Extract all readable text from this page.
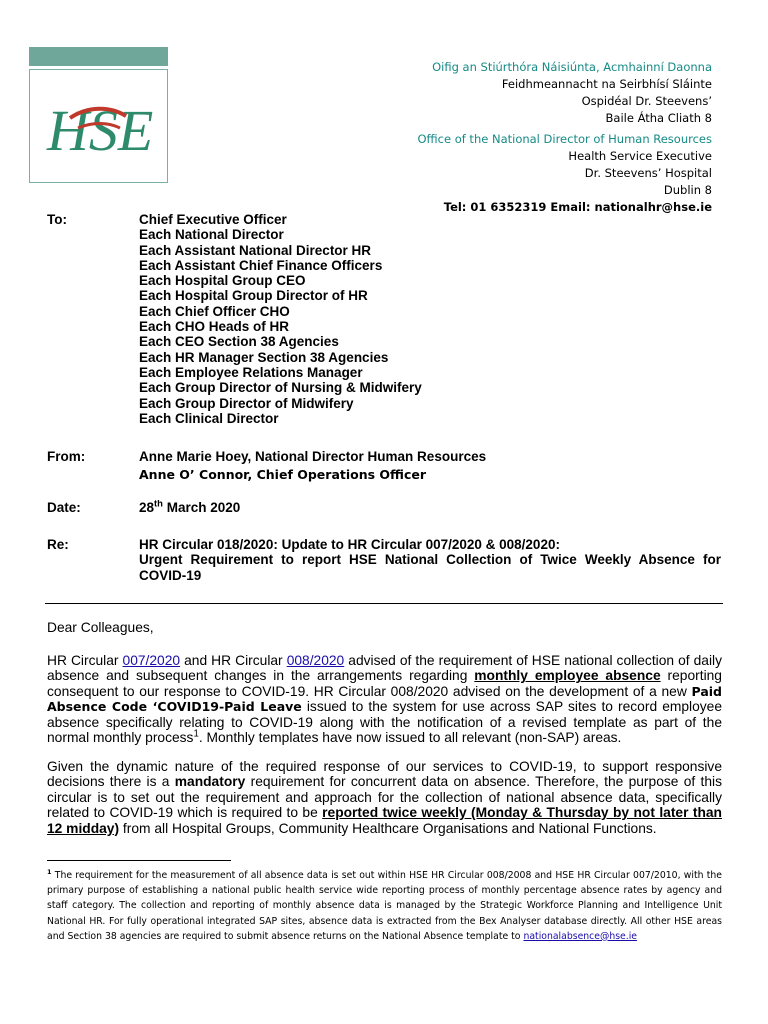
HSE
Oifig an Stiúrthóra Náisiúnta, Acmhainní Daonna
Feidhmeannacht na Seirbhísí Sláinte
Ospidéal Dr. Steevens’
Baile Átha Cliath 8
Office of the National Director of Human Resources
Health Service Executive
Dr. Steevens’ Hospital
Dublin 8
Tel: 01 6352319 Email: nationalhr@hse.ie
To:	Chief Executive Officer
Each National Director
Each Assistant National Director HR
Each Assistant Chief Finance Officers
Each Hospital Group CEO
Each Hospital Group Director of HR
Each Chief Officer CHO
Each CHO Heads of HR
Each CEO Section 38 Agencies
Each HR Manager Section 38 Agencies
Each Employee Relations Manager
Each Group Director of Nursing & Midwifery
Each Group Director of Midwifery
Each Clinical Director
From:	Anne Marie Hoey, National Director Human Resources
Anne O’ Connor, Chief Operations Officer
Date:	28th March 2020
Re:	HR Circular 018/2020: Update to HR Circular 007/2020 & 008/2020:
Urgent Requirement to report HSE National Collection of Twice Weekly Absence for COVID-19
Dear Colleagues,
HR Circular 007/2020 and HR Circular 008/2020 advised of the requirement of HSE national collection of daily absence and subsequent changes in the arrangements regarding monthly employee absence reporting consequent to our response to COVID-19. HR Circular 008/2020 advised on the development of a new Paid Absence Code ‘COVID19-Paid Leave issued to the system for use across SAP sites to record employee absence specifically relating to COVID-19 along with the notification of a revised template as part of the normal monthly process$^1$. Monthly templates have now issued to all relevant (non-SAP) areas.
Given the dynamic nature of the required response of our services to COVID-19, to support responsive decisions there is a mandatory requirement for concurrent data on absence. Therefore, the purpose of this circular is to set out the requirement and approach for the collection of national absence data, specifically related to COVID-19 which is required to be reported twice weekly (Monday & Thursday by not later than 12 midday) from all Hospital Groups, Community Healthcare Organisations and National Functions.
$^1$ The requirement for the measurement of all absence data is set out within HSE HR Circular 008/2008 and HSE HR Circular 007/2010, with the primary purpose of establishing a national public health service wide reporting process of monthly percentage absence rates by agency and staff category. The collection and reporting of monthly absence data is managed by the Strategic Workforce Planning and Intelligence Unit National HR. For fully operational integrated SAP sites, absence data is extracted from the Bex Analyser database directly. All other HSE areas and Section 38 agencies are required to submit absence returns on the National Absence template to nationalabsence@hse.ie
